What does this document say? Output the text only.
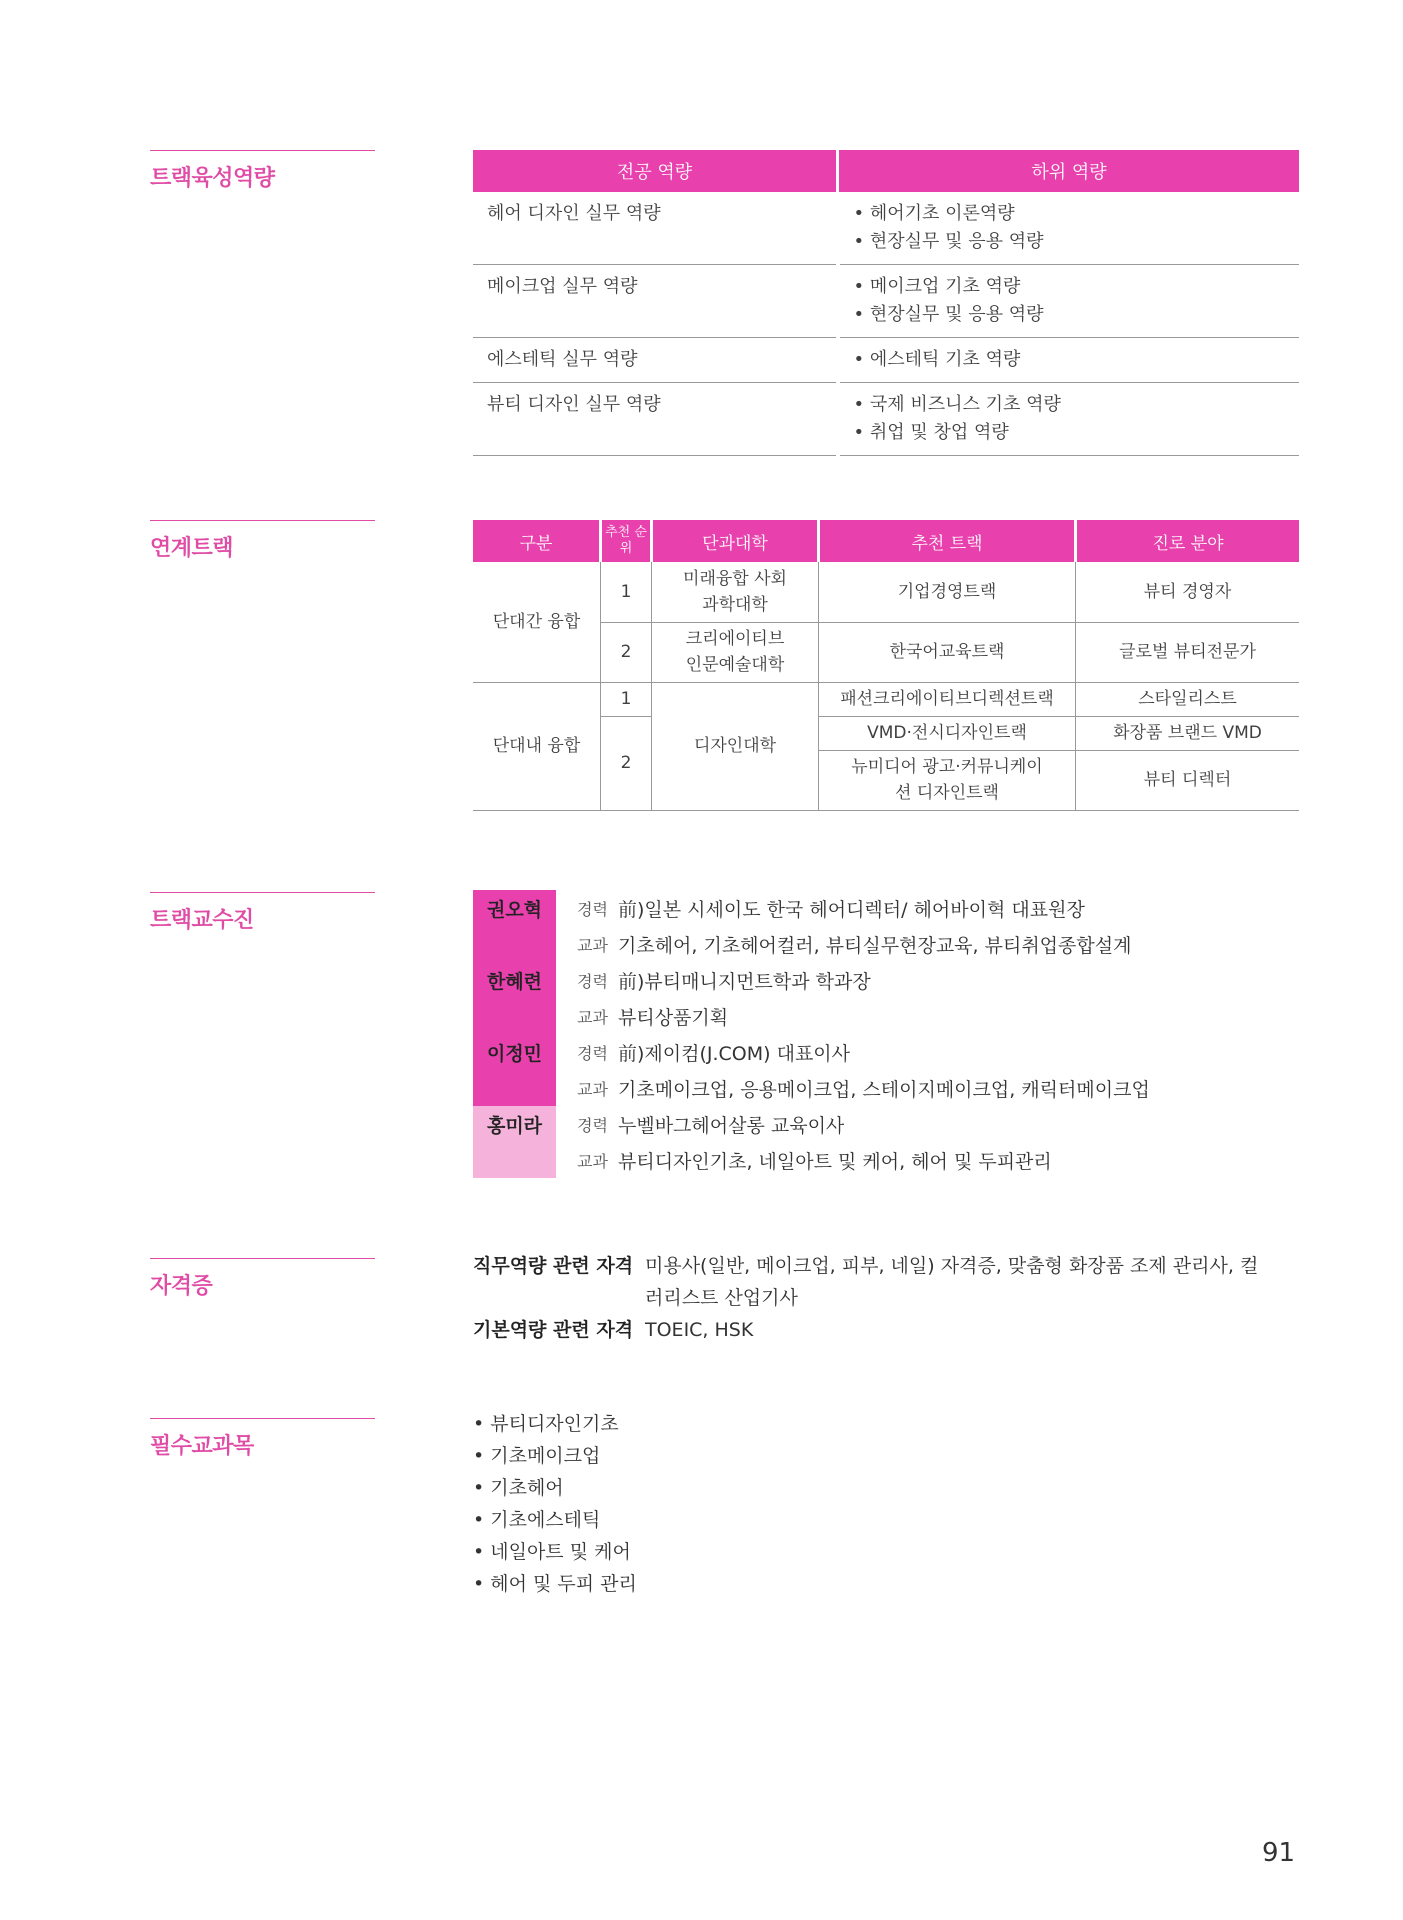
트랙육성역량
연계트랙
트랙교수진
자격증
필수교과목
전공 역량	하위 역량
헤어 디자인 실무 역량	• 헤어기초 이론역량
• 현장실무 및 응용 역량

메이크업 실무 역량	• 메이크업 기초 역량
• 현장실무 및 응용 역량

에스테틱 실무 역량	• 에스테틱 기초 역량

뷰티 디자인 실무 역량	• 국제 비즈니스 기초 역량
• 취업 및 창업 역량
구분	추천 순위	단과대학	추천 트랙	진로 분야
단대간 융합	1	미래융합 사회과학대학	기업경영트랙	뷰티 경영자
	2	크리에이티브 인문예술대학	한국어교육트랙	글로벌 뷰티전문가
단대내 융합	1	디자인대학	패션크리에이티브디렉션트랙	스타일리스트
	2		VMD·전시디자인트랙	화장품 브랜드 VMD
			뉴미디어 광고·커뮤니케이션 디자인트랙	뷰티 디렉터
권오혁	경력 前)일본 시세이도 한국 헤어디렉터/ 헤어바이혁 대표원장
교과 기초헤어, 기초헤어컬러, 뷰티실무현장교육, 뷰티취업종합설계
한혜련	경력 前)뷰티매니지먼트학과 학과장
교과 뷰티상품기획
이정민	경력 前)제이컴(J.COM) 대표이사
교과 기초메이크업, 응용메이크업, 스테이지메이크업, 캐릭터메이크업
홍미라	경력 누벨바그헤어살롱 교육이사
교과 뷰티디자인기초, 네일아트 및 케어, 헤어 및 두피관리
직무역량 관련 자격 미용사(일반, 메이크업, 피부, 네일) 자격증, 맞춤형 화장품 조제 관리사, 컬러리스트 산업기사
기본역량 관련 자격 TOEIC, HSK
• 뷰티디자인기초
• 기초메이크업
• 기초헤어
• 기초에스테틱
• 네일아트 및 케어
• 헤어 및 두피 관리
91
